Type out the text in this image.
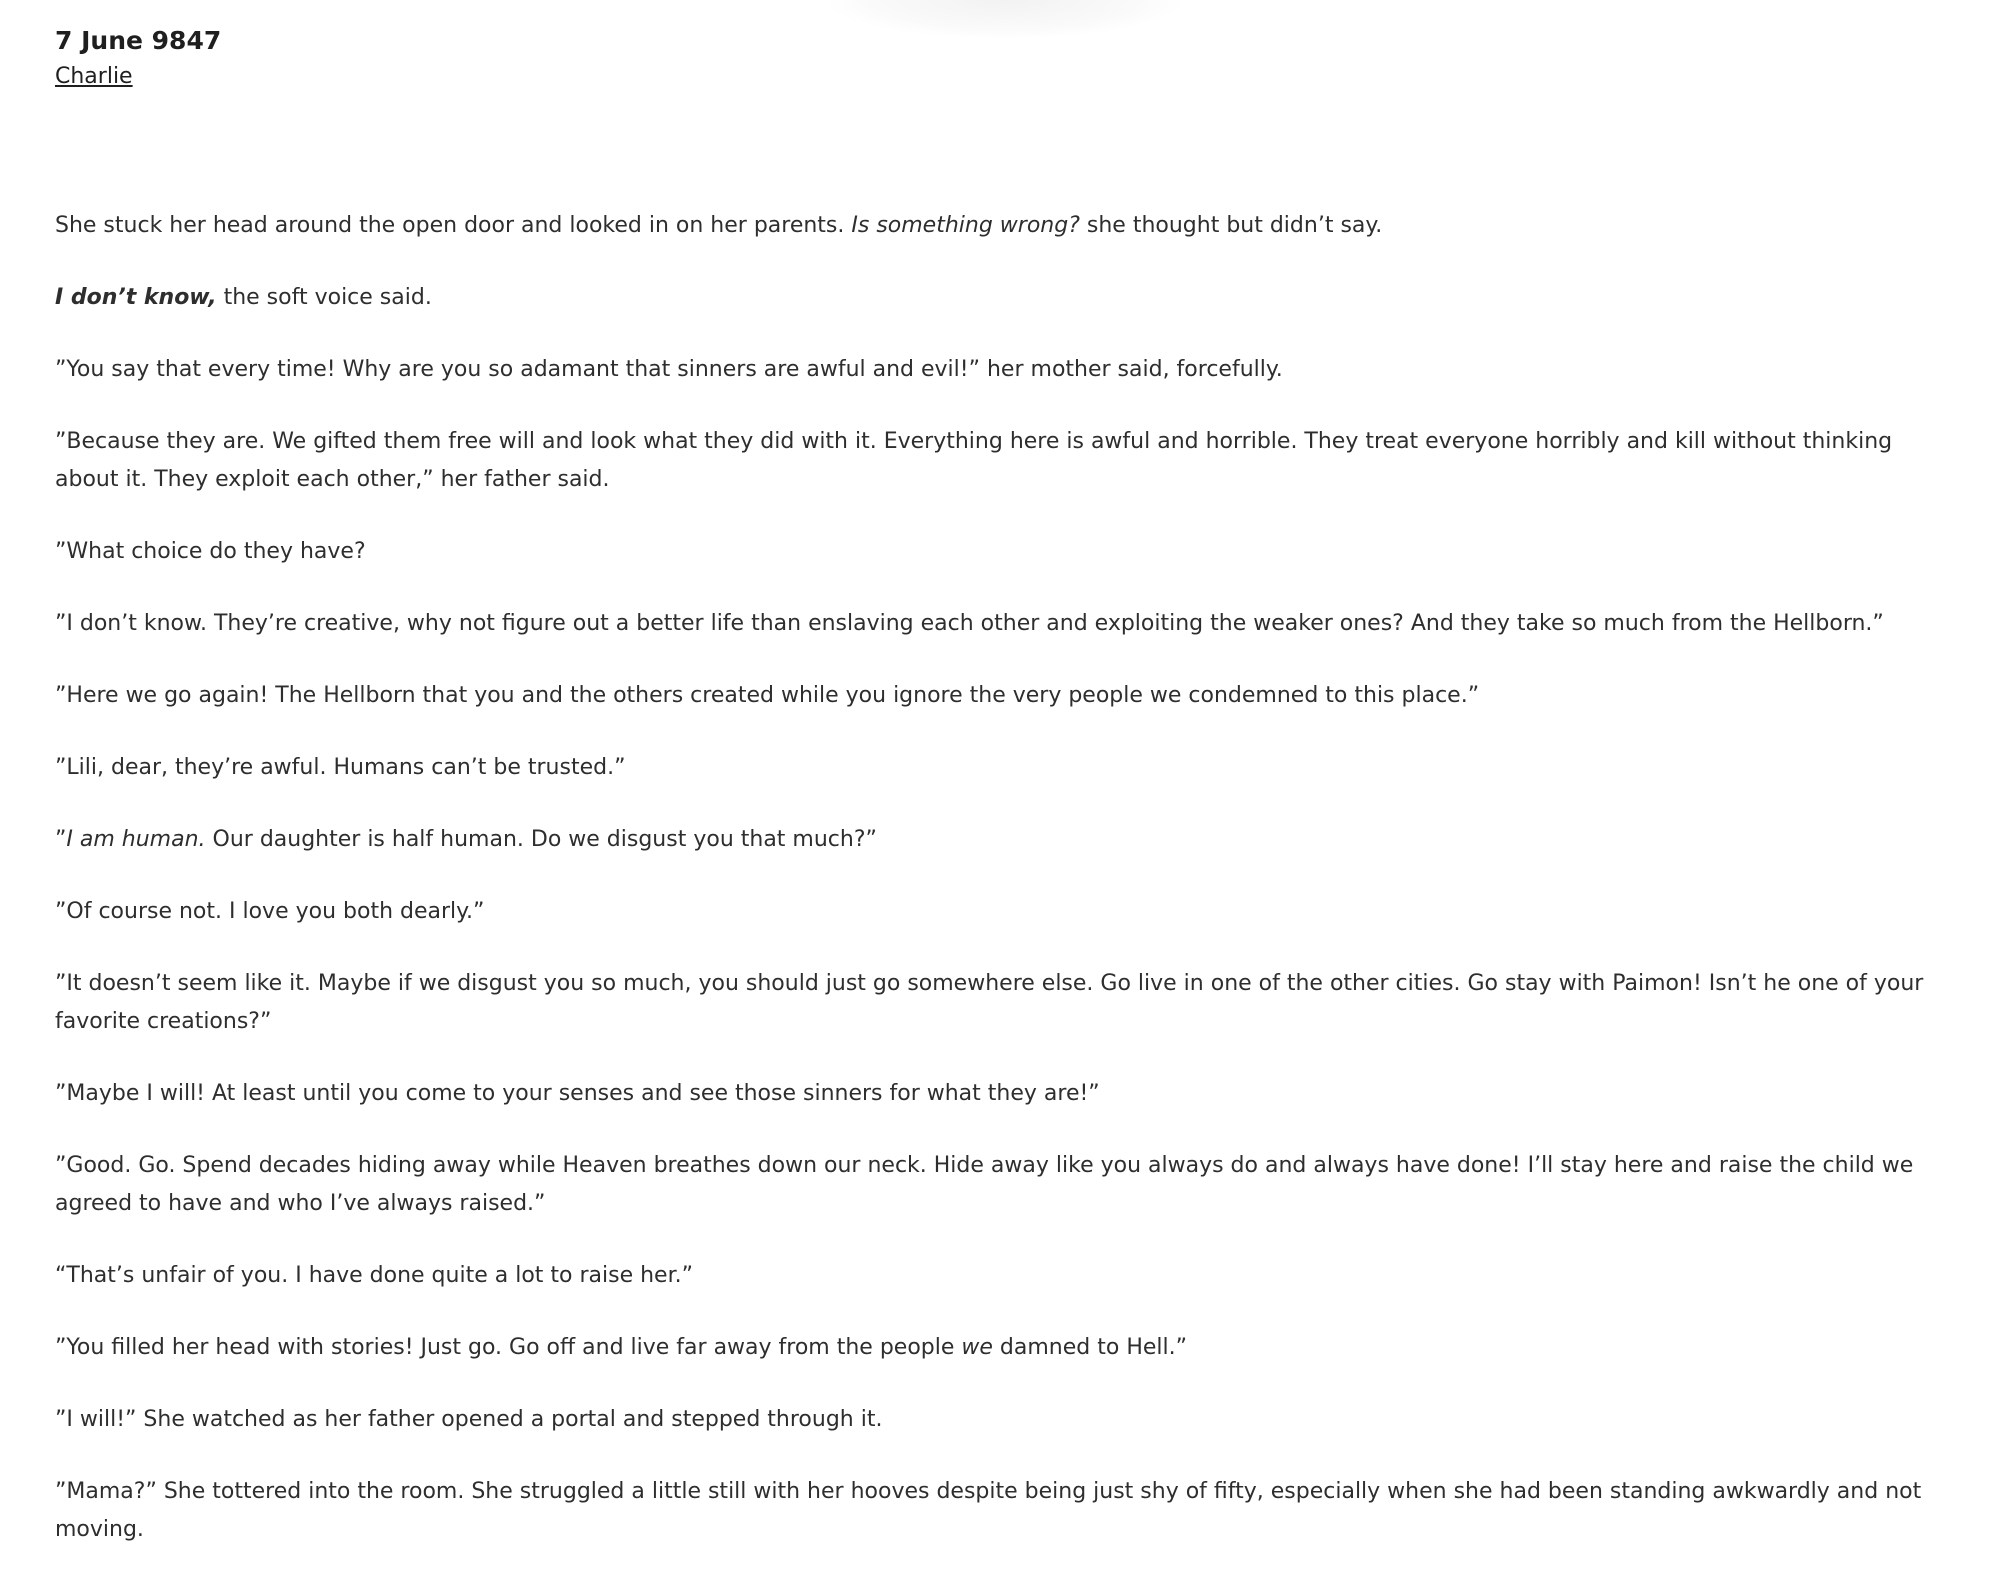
7 June 9847
Charlie

She stuck her head around the open door and looked in on her parents. Is something wrong? she thought but didn’t say.

I don’t know, the soft voice said.

”You say that every time! Why are you so adamant that sinners are awful and evil!” her mother said, forcefully.

”Because they are. We gifted them free will and look what they did with it. Everything here is awful and horrible. They treat everyone horribly and kill without thinking about it. They exploit each other,” her father said.

”What choice do they have?

”I don’t know. They’re creative, why not figure out a better life than enslaving each other and exploiting the weaker ones? And they take so much from the Hellborn.”

”Here we go again! The Hellborn that you and the others created while you ignore the very people we condemned to this place.”

”Lili, dear, they’re awful. Humans can’t be trusted.”

”I am human. Our daughter is half human. Do we disgust you that much?”

”Of course not. I love you both dearly.”

”It doesn’t seem like it. Maybe if we disgust you so much, you should just go somewhere else. Go live in one of the other cities. Go stay with Paimon! Isn’t he one of your favorite creations?”

”Maybe I will! At least until you come to your senses and see those sinners for what they are!”

”Good. Go. Spend decades hiding away while Heaven breathes down our neck. Hide away like you always do and always have done! I’ll stay here and raise the child we agreed to have and who I’ve always raised.”

“That’s unfair of you. I have done quite a lot to raise her.”

”You filled her head with stories! Just go. Go off and live far away from the people we damned to Hell.”

”I will!” She watched as her father opened a portal and stepped through it.

”Mama?” She tottered into the room. She struggled a little still with her hooves despite being just shy of fifty, especially when she had been standing awkwardly and not moving.
